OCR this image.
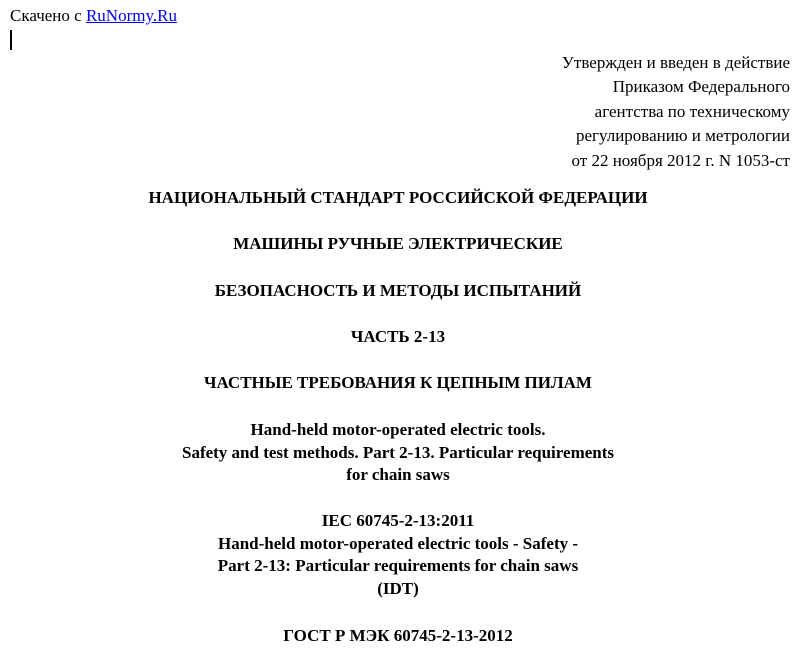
Скачено с RuNormy.Ru
Утвержден и введен в действие
Приказом Федерального
агентства по техническому
регулированию и метрологии
от 22 ноября 2012 г. N 1053-ст
НАЦИОНАЛЬНЫЙ СТАНДАРТ РОССИЙСКОЙ ФЕДЕРАЦИИ
МАШИНЫ РУЧНЫЕ ЭЛЕКТРИЧЕСКИЕ
БЕЗОПАСНОСТЬ И МЕТОДЫ ИСПЫТАНИЙ
ЧАСТЬ 2-13
ЧАСТНЫЕ ТРЕБОВАНИЯ К ЦЕПНЫМ ПИЛАМ
Hand-held motor-operated electric tools.
Safety and test methods. Part 2-13. Particular requirements
for chain saws
IEC 60745-2-13:2011
Hand-held motor-operated electric tools - Safety -
Part 2-13: Particular requirements for chain saws
(IDT)
ГОСТ Р МЭК 60745-2-13-2012
